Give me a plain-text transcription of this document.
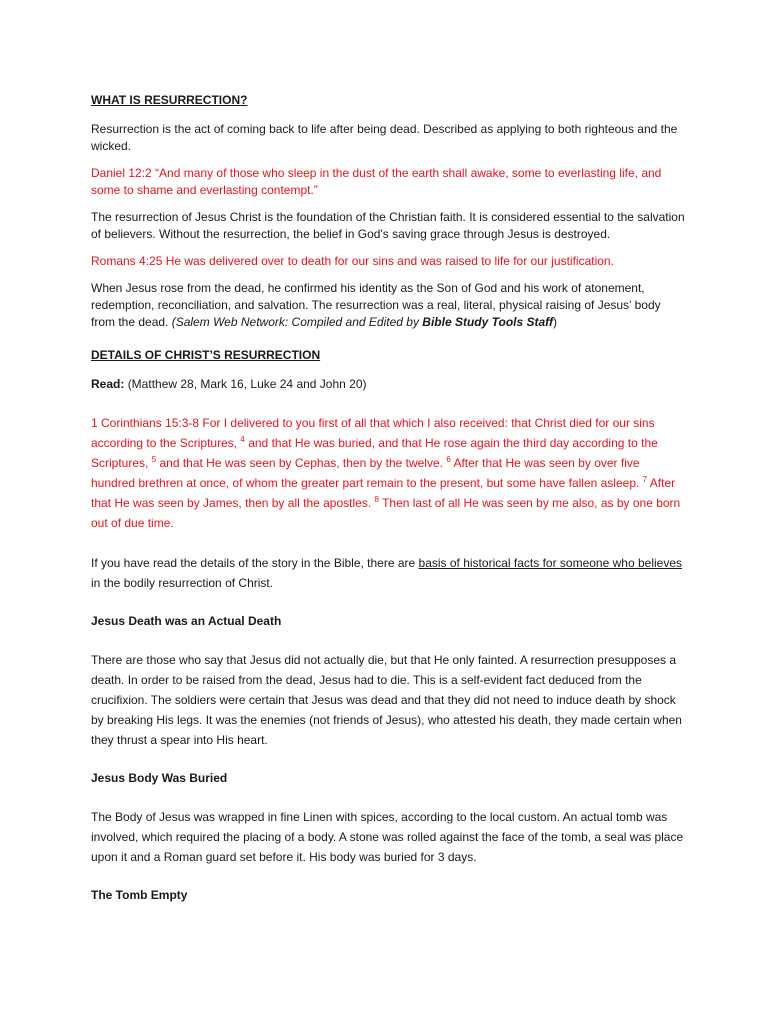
WHAT IS RESURRECTION?

Resurrection is the act of coming back to life after being dead. Described as applying to both righteous and the wicked.

Daniel 12:2 “And many of those who sleep in the dust of the earth shall awake, some to everlasting life, and some to shame and everlasting contempt.”

The resurrection of Jesus Christ is the foundation of the Christian faith. It is considered essential to the salvation of believers. Without the resurrection, the belief in God's saving grace through Jesus is destroyed.

Romans 4:25 He was delivered over to death for our sins and was raised to life for our justification.

When Jesus rose from the dead, he confirmed his identity as the Son of God and his work of atonement, redemption, reconciliation, and salvation. The resurrection was a real, literal, physical raising of Jesus’ body from the dead. (Salem Web Network: Compiled and Edited by Bible Study Tools Staff)

DETAILS OF CHRIST’S RESURRECTION

Read: (Matthew 28, Mark 16, Luke 24 and John 20)

1 Corinthians 15:3-8 For I delivered to you first of all that which I also received: that Christ died for our sins according to the Scriptures, $^4$ and that He was buried, and that He rose again the third day according to the Scriptures, $^5$ and that He was seen by Cephas, then by the twelve. $^6$ After that He was seen by over five hundred brethren at once, of whom the greater part remain to the present, but some have fallen asleep. $^7$ After that He was seen by James, then by all the apostles. $^8$ Then last of all He was seen by me also, as by one born out of due time.

If you have read the details of the story in the Bible, there are basis of historical facts for someone who believes in the bodily resurrection of Christ.

Jesus Death was an Actual Death

There are those who say that Jesus did not actually die, but that He only fainted. A resurrection presupposes a death. In order to be raised from the dead, Jesus had to die. This is a self-evident fact deduced from the crucifixion. The soldiers were certain that Jesus was dead and that they did not need to induce death by shock by breaking His legs. It was the enemies (not friends of Jesus), who attested his death, they made certain when they thrust a spear into His heart.

Jesus Body Was Buried

The Body of Jesus was wrapped in fine Linen with spices, according to the local custom. An actual tomb was involved, which required the placing of a body. A stone was rolled against the face of the tomb, a seal was place upon it and a Roman guard set before it. His body was buried for 3 days.

The Tomb Empty
